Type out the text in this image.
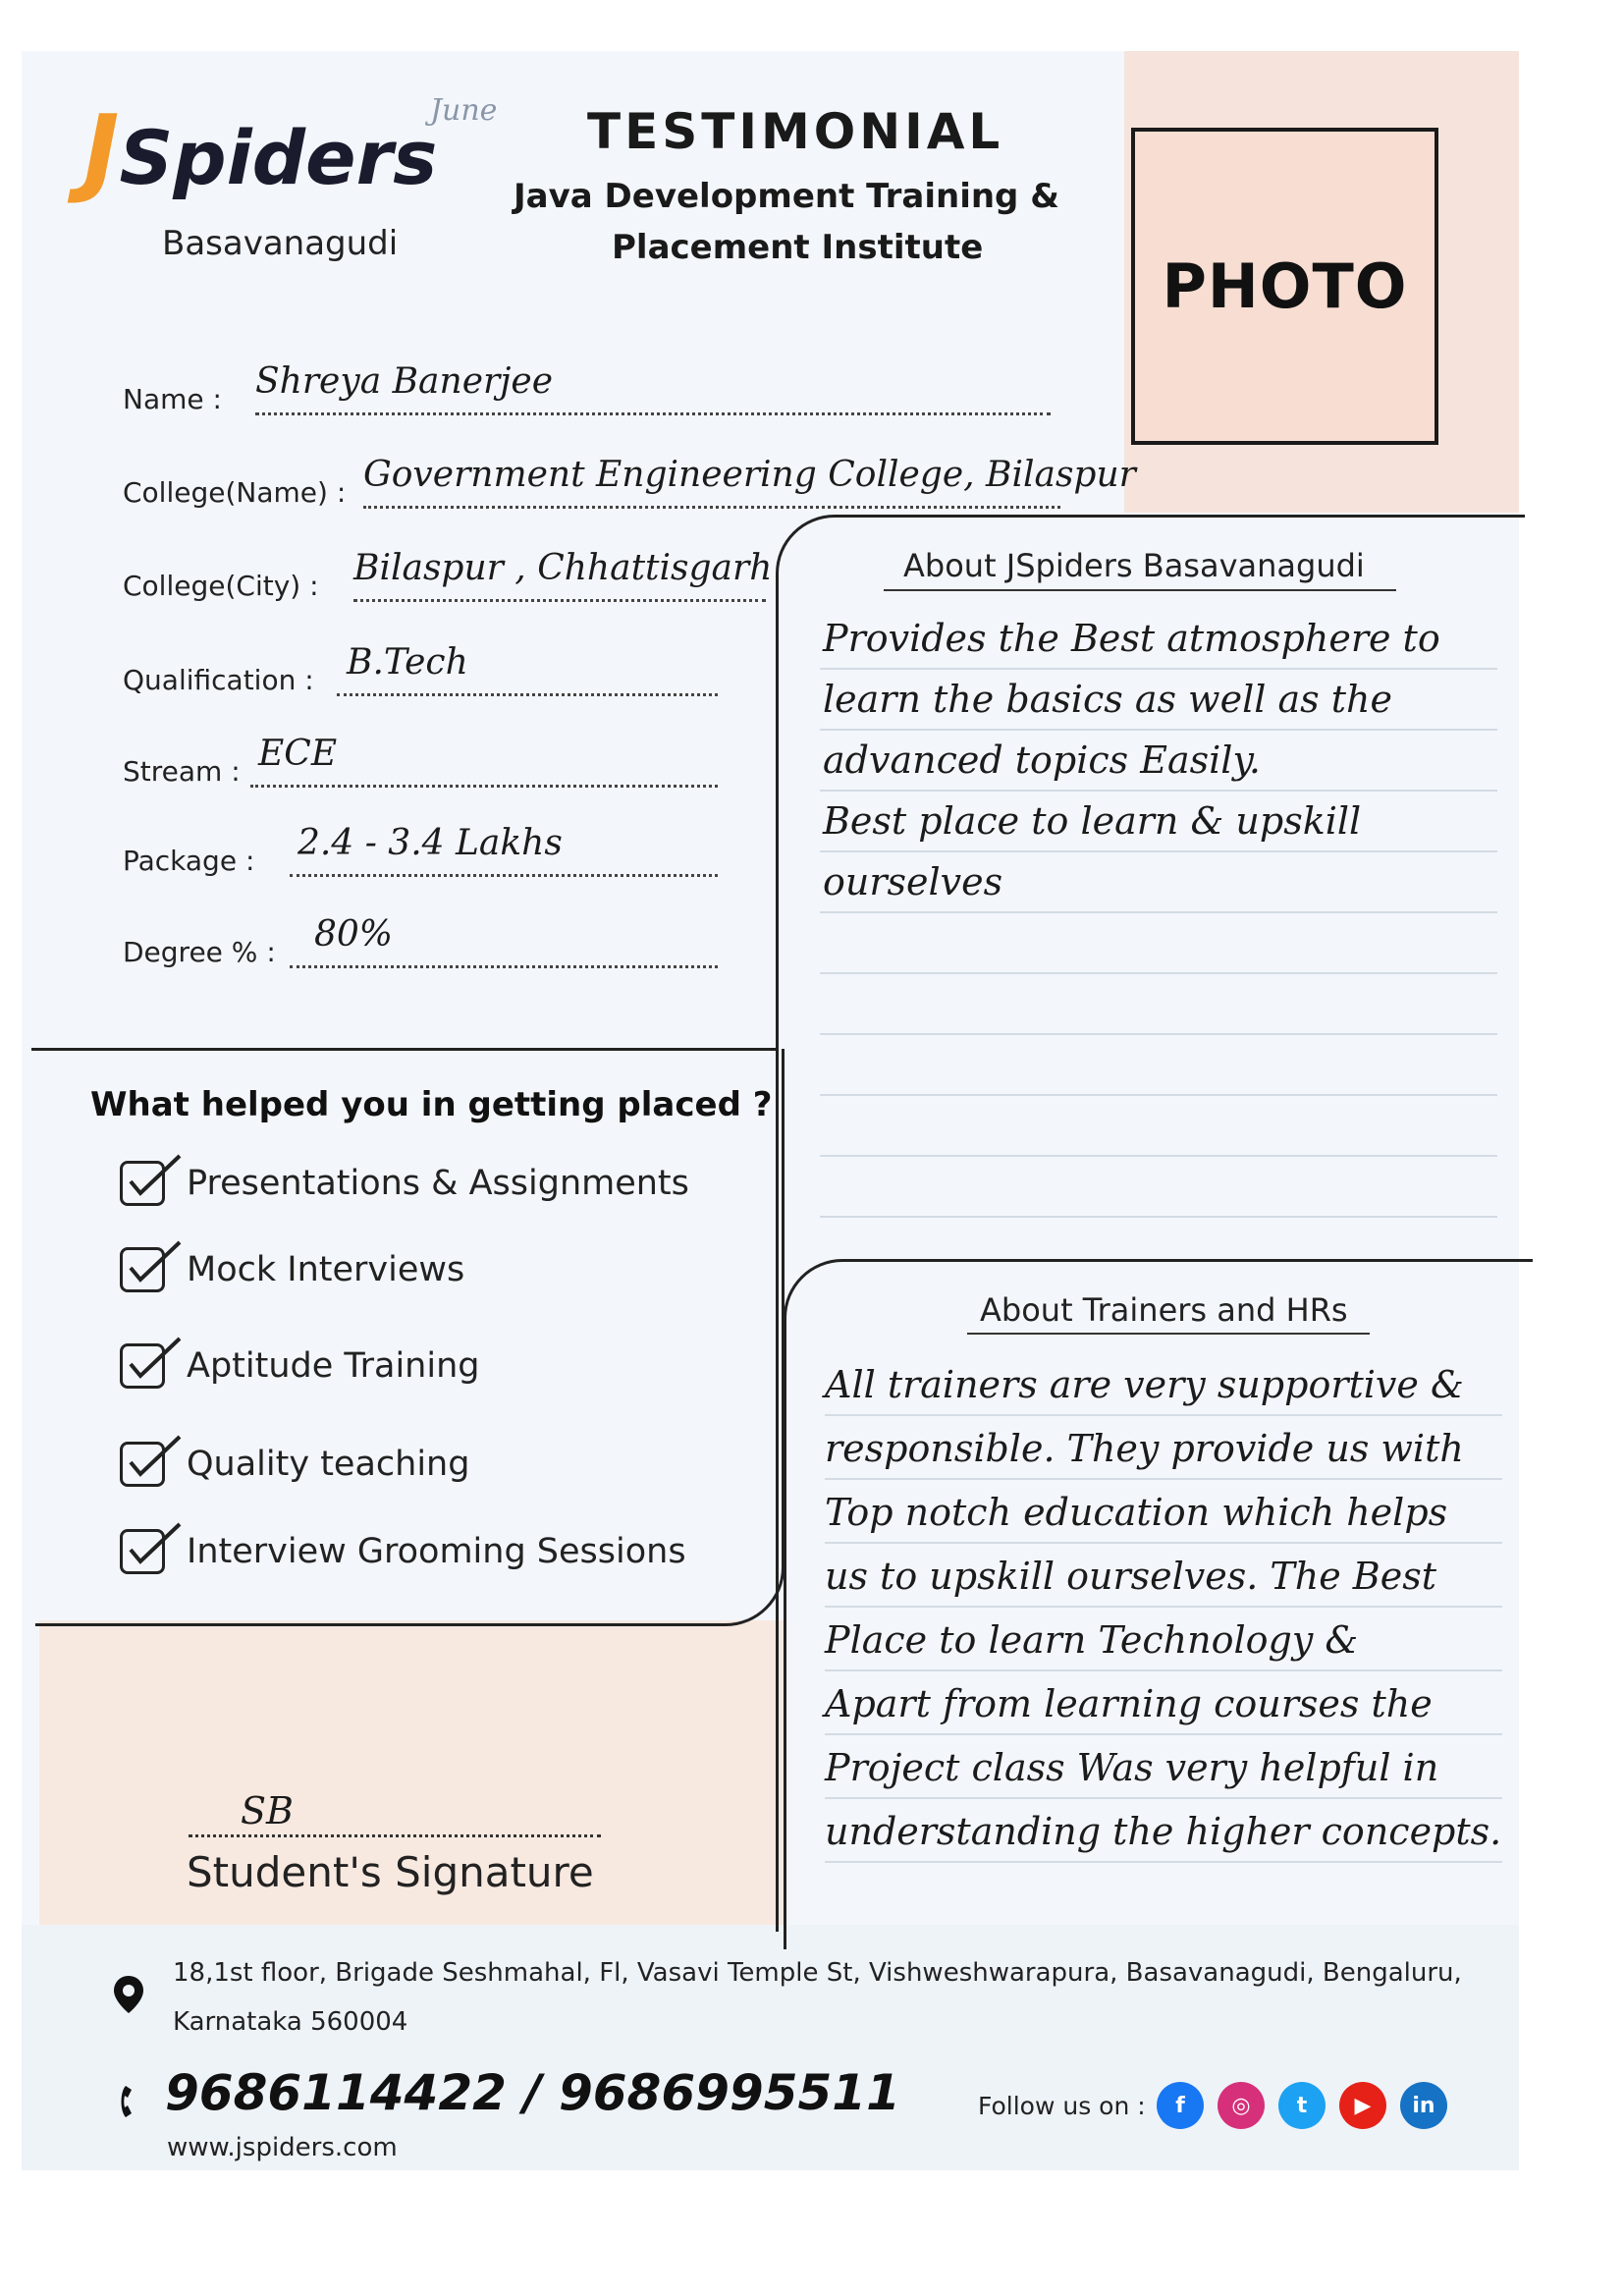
JSpiders
Basavanagudi
June TESTIMONIAL
Java Development Training &
Placement Institute
PHOTO
Name : Shreya Banerjee
College(Name) : Government Engineering College, Bilaspur
College(City) : Bilaspur , Chhattisgarh
Qualification : B.Tech
Stream : ECE
Package : 2.4 - 3.4 Lakhs
Degree % : 80%
About JSpiders Basavanagudi
Provides the Best atmosphere to
learn the basics as well as the
advanced topics Easily.
Best place to learn & upskill
ourselves
About Trainers and HRs
All trainers are very supportive &
responsible. They provide us with
Top notch education which helps
us to upskill ourselves. The Best
Place to learn Technology &
Apart from learning courses the
Project class Was very helpful in
understanding the higher concepts.
What helped you in getting placed ?
Presentations & Assignments
Mock Interviews
Aptitude Training
Quality teaching
Interview Grooming Sessions
SB
Student's Signature
18,1st floor, Brigade Seshmahal, Fl, Vasavi Temple St, Vishweshwarapura, Basavanagudi, Bengaluru,
Karnataka 560004
9686114422 / 9686995511
www.jspiders.com
Follow us on :	f	◎	t	▶	in
